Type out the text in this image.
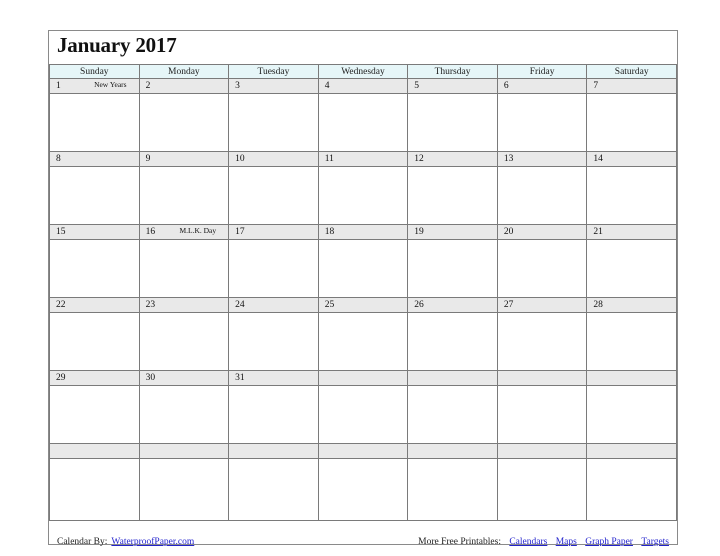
January 2017
Sunday	Monday	Tuesday	Wednesday	Thursday	Friday	Saturday
1 New Years	2	3	4	5	6	7

8	9	10	11	12	13	14

15	16 M.L.K. Day	17	18	19	20	21

22	23	24	25	26	27	28

29	30	31				

Calendar By: WaterproofPaper.com	More Free Printables: Calendars Maps Graph Paper Targets
